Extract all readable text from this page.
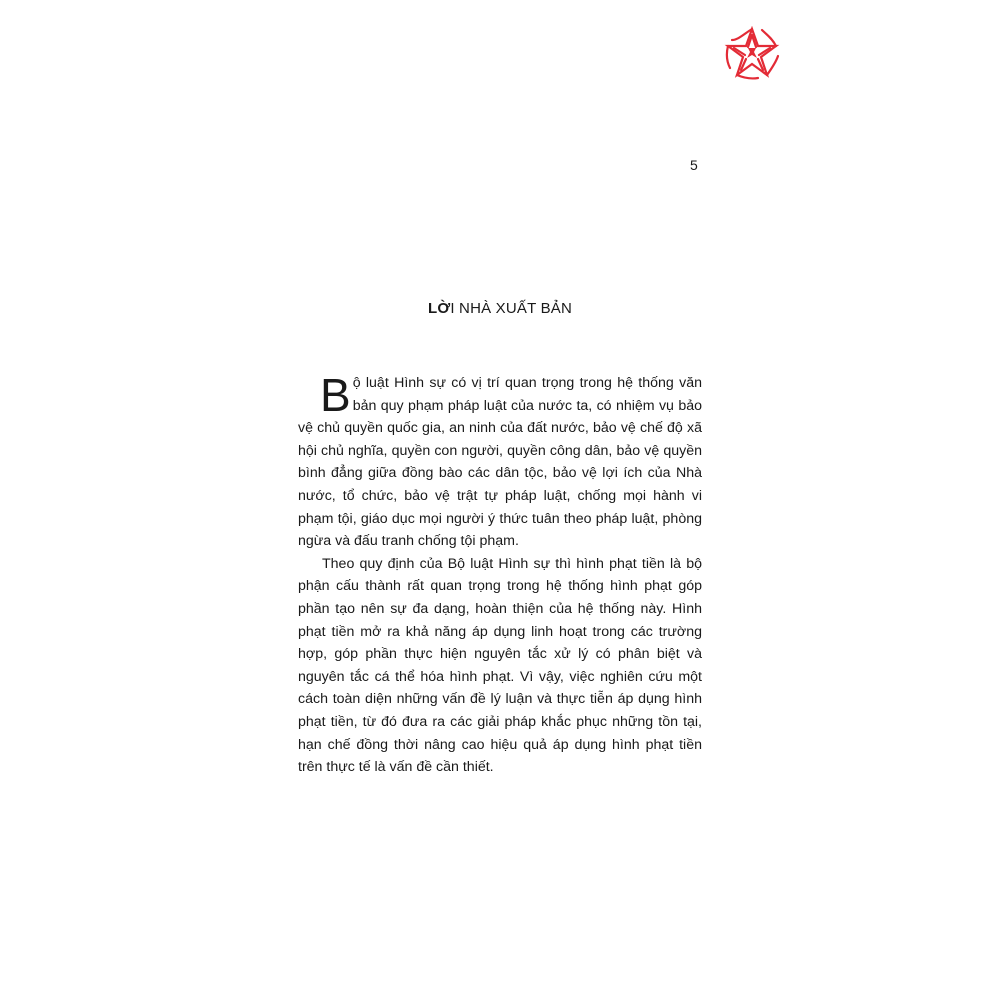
5
LỜI NHÀ XUẤT BẢN

Bộ luật Hình sự có vị trí quan trọng trong hệ thống văn bản quy phạm pháp luật của nước ta, có nhiệm vụ bảo vệ chủ quyền quốc gia, an ninh của đất nước, bảo vệ chế độ xã hội chủ nghĩa, quyền con người, quyền công dân, bảo vệ quyền bình đẳng giữa đồng bào các dân tộc, bảo vệ lợi ích của Nhà nước, tổ chức, bảo vệ trật tự pháp luật, chống mọi hành vi phạm tội, giáo dục mọi người ý thức tuân theo pháp luật, phòng ngừa và đấu tranh chống tội phạm.

Theo quy định của Bộ luật Hình sự thì hình phạt tiền là bộ phận cấu thành rất quan trọng trong hệ thống hình phạt góp phần tạo nên sự đa dạng, hoàn thiện của hệ thống này. Hình phạt tiền mở ra khả năng áp dụng linh hoạt trong các trường hợp, góp phần thực hiện nguyên tắc xử lý có phân biệt và nguyên tắc cá thể hóa hình phạt. Vì vậy, việc nghiên cứu một cách toàn diện những vấn đề lý luận và thực tiễn áp dụng hình phạt tiền, từ đó đưa ra các giải pháp khắc phục những tồn tại, hạn chế đồng thời nâng cao hiệu quả áp dụng hình phạt tiền trên thực tế là vấn đề cần thiết.
